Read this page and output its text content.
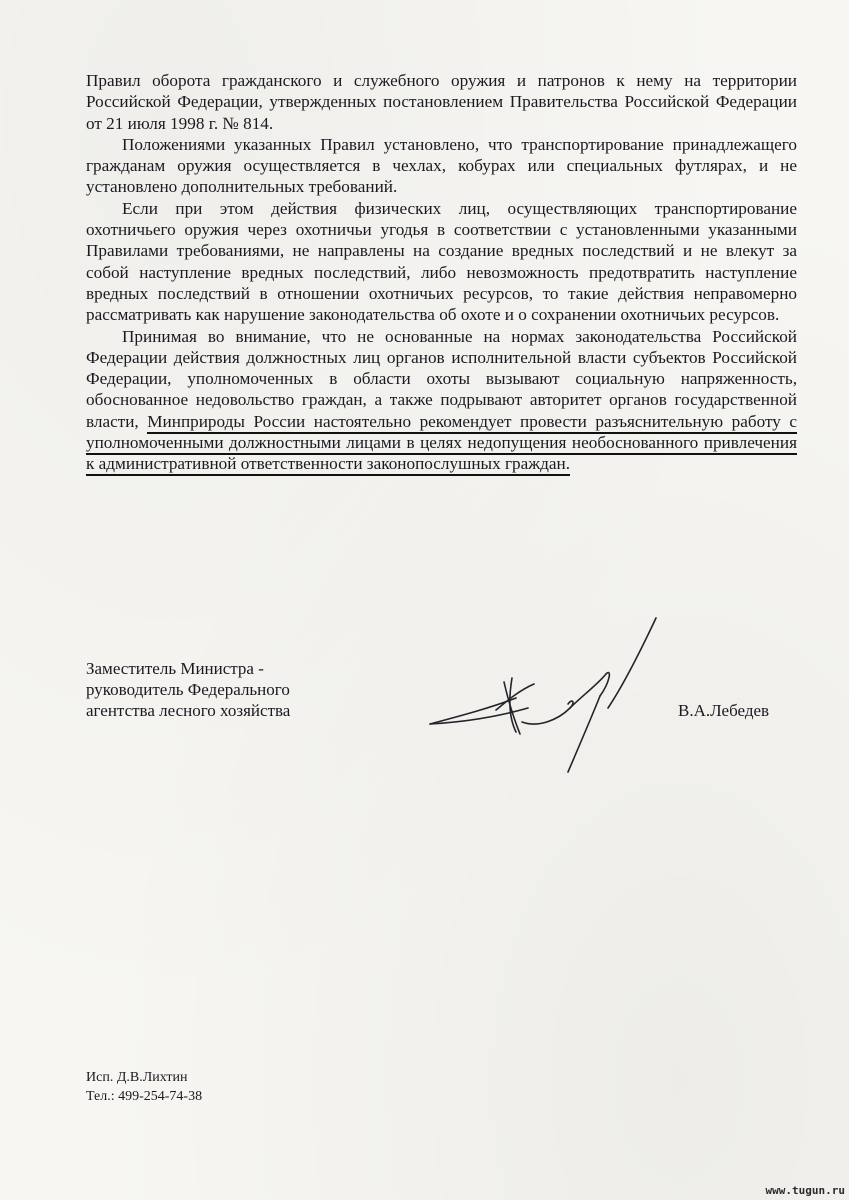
Правил оборота гражданского и служебного оружия и патронов к нему на территории Российской Федерации, утвержденных постановлением Правительства Российской Федерации от 21 июля 1998 г. № 814.

Положениями указанных Правил установлено, что транспортирование принадлежащего гражданам оружия осуществляется в чехлах, кобурах или специальных футлярах, и не установлено дополнительных требований.

Если при этом действия физических лиц, осуществляющих транспортирование охотничьего оружия через охотничьи угодья в соответствии с установленными указанными Правилами требованиями, не направлены на создание вредных последствий и не влекут за собой наступление вредных последствий, либо невозможность предотвратить наступление вредных последствий в отношении охотничьих ресурсов, то такие действия неправомерно рассматривать как нарушение законодательства об охоте и о сохранении охотничьих ресурсов.

Принимая во внимание, что не основанные на нормах законодательства Российской Федерации действия должностных лиц органов исполнительной власти субъектов Российской Федерации, уполномоченных в области охоты вызывают социальную напряженность, обоснованное недовольство граждан, а также подрывают авторитет органов государственной власти, Минприроды России настоятельно рекомендует провести разъяснительную работу с уполномоченными должностными лицами в целях недопущения необоснованного привлечения к административной ответственности законопослушных граждан.

Заместитель Министра -
руководитель Федерального
агентства лесного хозяйства	В.А.Лебедев
Исп. Д.В.Лихтин
Тел.: 499-254-74-38
www.tugun.ru
